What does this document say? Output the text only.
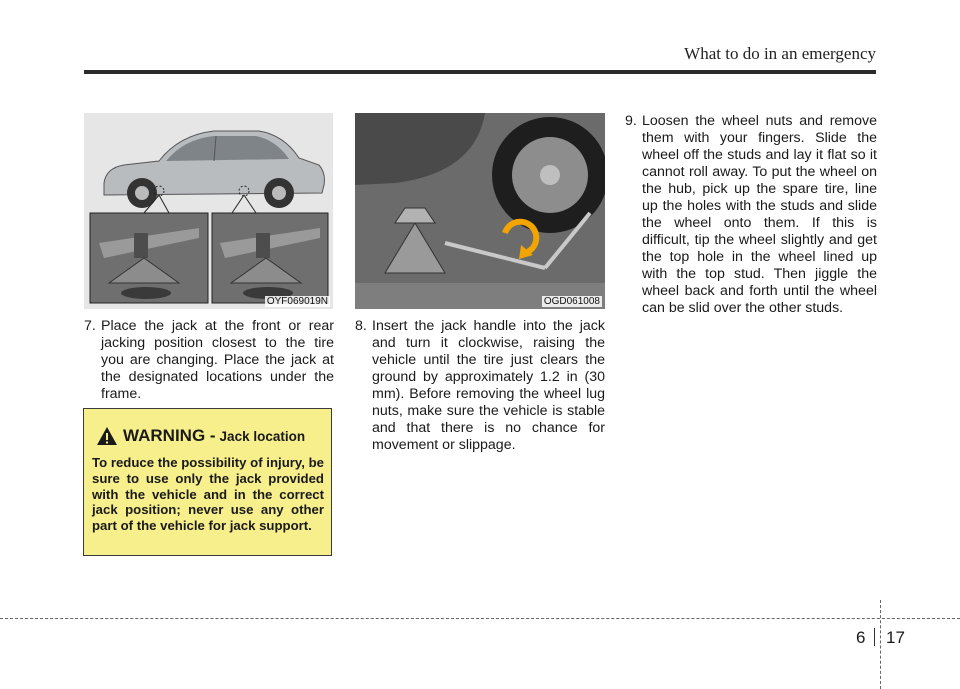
What to do in an emergency
OYF069019N	OGD061008
7. Place the jack at the front or rear jacking position closest to the tire you are changing. Place the jack at the designated locations under the frame.
8. Insert the jack handle into the jack and turn it clockwise, raising the vehicle until the tire just clears the ground by approximately 1.2 in (30 mm). Before removing the wheel lug nuts, make sure the vehicle is stable and that there is no chance for movement or slippage.
9. Loosen the wheel nuts and remove them with your fingers. Slide the wheel off the studs and lay it flat so it cannot roll away. To put the wheel on the hub, pick up the spare tire, line up the holes with the studs and slide the wheel onto them. If this is difficult, tip the wheel slightly and get the top hole in the wheel lined up with the top stud. Then jiggle the wheel back and forth until the wheel can be slid over the other studs.
WARNING - Jack location
To reduce the possibility of injury, be sure to use only the jack provided with the vehicle and in the correct jack position; never use any other part of the vehicle for jack support.
6 17
